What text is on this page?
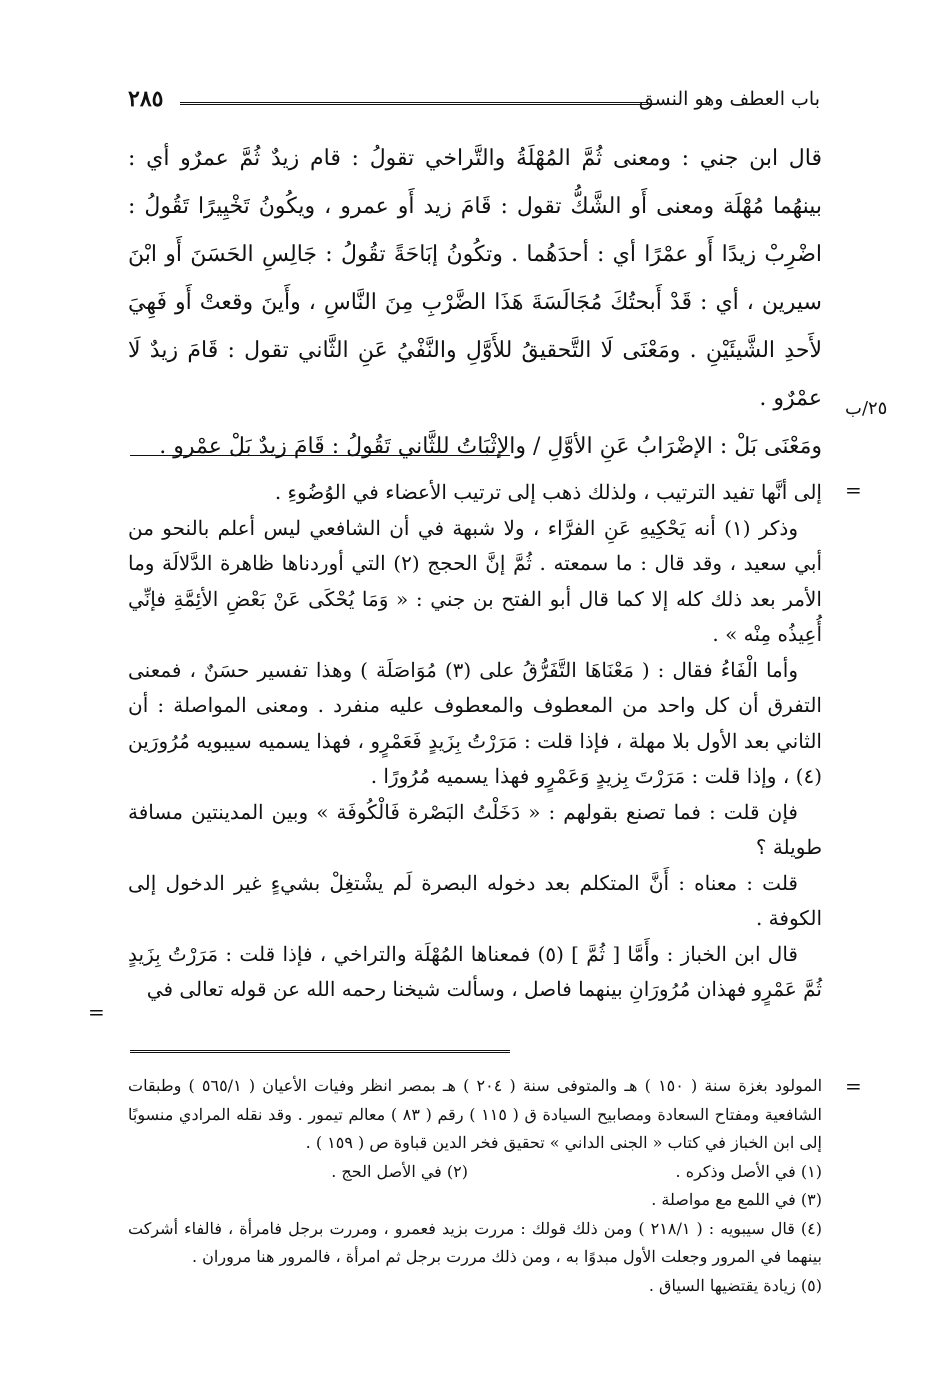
باب العطف وهو النسق
٢٨٥

قال ابن جني : ومعنى ثُمَّ المُهْلَةُ والتَّراخي تقولُ : قام زيدٌ ثُمَّ عمرٌو أي : بينهُما مُهْلَة ومعنى أَو الشَّكُّ تقول : قَامَ زيد أَو عمرو ، ويكُونُ تَخْيِيرًا تَقُولُ : اضْرِبْ زيدًا أَو عمْرًا أي : أحدَهُما . وتكُونُ إبَاحَةً تقُولُ : جَالِسِ الحَسَنَ أَو ابْنَ سيرين ، أي : قَدْ أَبحتُكَ مُجَالَسَةَ هَذَا الضَّرْبِ مِنَ النَّاسِ ، وأَينَ وقعتْ أَو فَهِيَ لأَحدِ الشَّيئَيْنِ . ومَعْنَى لَا التَّحقيقُ للأَوَّلِ والنَّفْيُ عَنِ الثَّاني تقول : قَامَ زيدٌ لَا عمْرٌو .

ومَعْنَى بَلْ : الإضْرَابُ عَنِ الأوَّلِ / والإثْبَاتُ للثَّاني تَقُولُ : قَامَ زيدٌ بَلْ عمْرو .

٢٥/ب
=

إلى أنَّها تفيد الترتيب ، ولذلك ذهب إلى ترتيب الأعضاء في الوُضُوءِ .

وذكر (١) أنه يَحْكِيهِ عَنِ الفرَّاء ، ولا شبهة في أن الشافعي ليس أعلم بالنحو من أبي سعيد ، وقد قال : ما سمعته . ثُمَّ إنَّ الحجج (٢) التي أوردناها ظاهرة الدَّلالَة وما الأمر بعد ذلك كله إلا كما قال أبو الفتح بن جني : « وَمَا يُحْكَى عَنْ بَعْضِ الأئِمَّةِ فإنِّي أُعِيذُه مِنْه » .

وأما الْفَاءُ فقال : ( مَعْنَاهَا التَّفَرُّقُ على (٣) مُوَاصَلَة ) وهذا تفسير حسَنٌ ، فمعنى التفرق أن كل واحد من المعطوف والمعطوف عليه منفرد . ومعنى المواصلة : أن الثاني بعد الأول بلا مهلة ، فإذا قلت : مَرَرْتُ بِزَيدٍ فَعَمْرٍو ، فهذا يسميه سيبويه مُرُورَين (٤) ، وإذا قلت : مَرَرْتَ بِزيدٍ وَعَمْرٍو فهذا يسميه مُرُورًا .

فإن قلت : فما تصنع بقولهم : « دَخَلْتُ البَصْرة فَالْكُوفَة » وبين المدينتين مسافة طويلة ؟

قلت : معناه : أَنَّ المتكلم بعد دخوله البصرة لَم يشْتغِلْ بشيءٍ غير الدخول إلى الكوفة .

قال ابن الخباز : وأَمَّا [ ثُمَّ ] (٥) فمعناها المُهْلَة والتراخي ، فإذا قلت : مَرَرْتُ بِزَيدٍ ثُمَّ عَمْرٍو فهذان مُرُورَانِ بينهما فاصل ، وسألت شيخنا رحمه الله عن قوله تعالى في

=
=

المولود بغزة سنة ( ١٥٠ ) هـ والمتوفى سنة ( ٢٠٤ ) هـ بمصر انظر وفيات الأعيان ( ٥٦٥/١ ) وطبقات الشافعية ومفتاح السعادة ومصابيح السيادة ق ( ١١٥ ) رقم ( ٨٣ ) معالم تيمور . وقد نقله المرادي منسوبًا إلى ابن الخباز في كتاب « الجنى الداني » تحقيق فخر الدين قباوة ص ( ١٥٩ ) .

(١) في الأصل وذكره .
(٢) في الأصل الحج .

(٣) في اللمع مع مواصلة .

(٤) قال سيبويه : ( ٢١٨/١ ) ومن ذلك قولك : مررت بزيد فعمرو ، ومررت برجل فامرأة ، فالفاء أشركت بينهما في المرور وجعلت الأول مبدوًا به ، ومن ذلك مررت برجل ثم امرأة ، فالمرور هنا مروران .

(٥) زيادة يقتضيها السياق .
